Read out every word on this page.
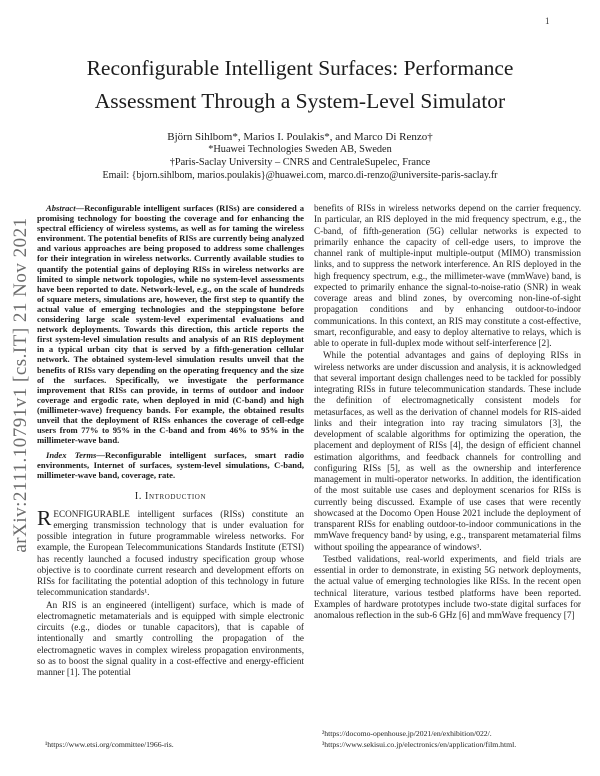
1
arXiv:2111.10791v1 [cs.IT] 21 Nov 2021
Reconfigurable Intelligent Surfaces: Performance
Assessment Through a System-Level Simulator
Björn Sihlbom*, Marios I. Poulakis*, and Marco Di Renzo†
*Huawei Technologies Sweden AB, Sweden
†Paris-Saclay University – CNRS and CentraleSupelec, France
Email: {bjorn.sihlbom, marios.poulakis}@huawei.com, marco.di-renzo@universite-paris-saclay.fr

Abstract—Reconfigurable intelligent surfaces (RISs) are considered a promising technology for boosting the coverage and for enhancing the spectral efficiency of wireless systems, as well as for taming the wireless environment. The potential benefits of RISs are currently being analyzed and various approaches are being proposed to address some challenges for their integration in wireless networks. Currently available studies to quantify the potential gains of deploying RISs in wireless networks are limited to simple network topologies, while no system-level assessments have been reported to date. Network-level, e.g., on the scale of hundreds of square meters, simulations are, however, the first step to quantify the actual value of emerging technologies and the steppingstone before considering large scale system-level experimental evaluations and network deployments. Towards this direction, this article reports the first system-level simulation results and analysis of an RIS deployment in a typical urban city that is served by a fifth-generation cellular network. The obtained system-level simulation results unveil that the benefits of RISs vary depending on the operating frequency and the size of the surfaces. Specifically, we investigate the performance improvement that RISs can provide, in terms of outdoor and indoor coverage and ergodic rate, when deployed in mid (C-band) and high (millimeter-wave) frequency bands. For example, the obtained results unveil that the deployment of RISs enhances the coverage of cell-edge users from 77% to 95% in the C-band and from 46% to 95% in the millimeter-wave band.

Index Terms—Reconfigurable intelligent surfaces, smart radio environments, Internet of surfaces, system-level simulations, C-band, millimeter-wave band, coverage, rate.

I. Introduction

RECONFIGURABLE intelligent surfaces (RISs) constitute an emerging transmission technology that is under evaluation for possible integration in future programmable wireless networks. For example, the European Telecommunications Standards Institute (ETSI) has recently launched a focused industry specification group whose objective is to coordinate current research and development efforts on RISs for facilitating the potential adoption of this technology in future telecommunication standards¹.

An RIS is an engineered (intelligent) surface, which is made of electromagnetic metamaterials and is equipped with simple electronic circuits (e.g., diodes or tunable capacitors), that is capable of intentionally and smartly controlling the propagation of the electromagnetic waves in complex wireless propagation environments, so as to boost the signal quality in a cost-effective and energy-efficient manner [1]. The potential

¹https://www.etsi.org/committee/1966-ris.

benefits of RISs in wireless networks depend on the carrier frequency. In particular, an RIS deployed in the mid frequency spectrum, e.g., the C-band, of fifth-generation (5G) cellular networks is expected to primarily enhance the capacity of cell-edge users, to improve the channel rank of multiple-input multiple-output (MIMO) transmission links, and to suppress the network interference. An RIS deployed in the high frequency spectrum, e.g., the millimeter-wave (mmWave) band, is expected to primarily enhance the signal-to-noise-ratio (SNR) in weak coverage areas and blind zones, by overcoming non-line-of-sight propagation conditions and by enhancing outdoor-to-indoor communications. In this context, an RIS may constitute a cost-effective, smart, reconfigurable, and easy to deploy alternative to relays, which is able to operate in full-duplex mode without self-interference [2].

While the potential advantages and gains of deploying RISs in wireless networks are under discussion and analysis, it is acknowledged that several important design challenges need to be tackled for possibly integrating RISs in future telecommunication standards. These include the definition of electromagnetically consistent models for metasurfaces, as well as the derivation of channel models for RIS-aided links and their integration into ray tracing simulators [3], the development of scalable algorithms for optimizing the operation, the placement and deployment of RISs [4], the design of efficient channel estimation algorithms, and feedback channels for controlling and configuring RISs [5], as well as the ownership and interference management in multi-operator networks. In addition, the identification of the most suitable use cases and deployment scenarios for RISs is currently being discussed. Example of use cases that were recently showcased at the Docomo Open House 2021 include the deployment of transparent RISs for enabling outdoor-to-indoor communications in the mmWave frequency band² by using, e.g., transparent metamaterial films without spoiling the appearance of windows³.

Testbed validations, real-world experiments, and field trials are essential in order to demonstrate, in existing 5G network deployments, the actual value of emerging technologies like RISs. In the recent open technical literature, various testbed platforms have been reported. Examples of hardware prototypes include two-state digital surfaces for anomalous reflection in the sub-6 GHz [6] and mmWave frequency [7]

²https://docomo-openhouse.jp/2021/en/exhibition/022/.
³https://www.sekisui.co.jp/electronics/en/application/film.html.
